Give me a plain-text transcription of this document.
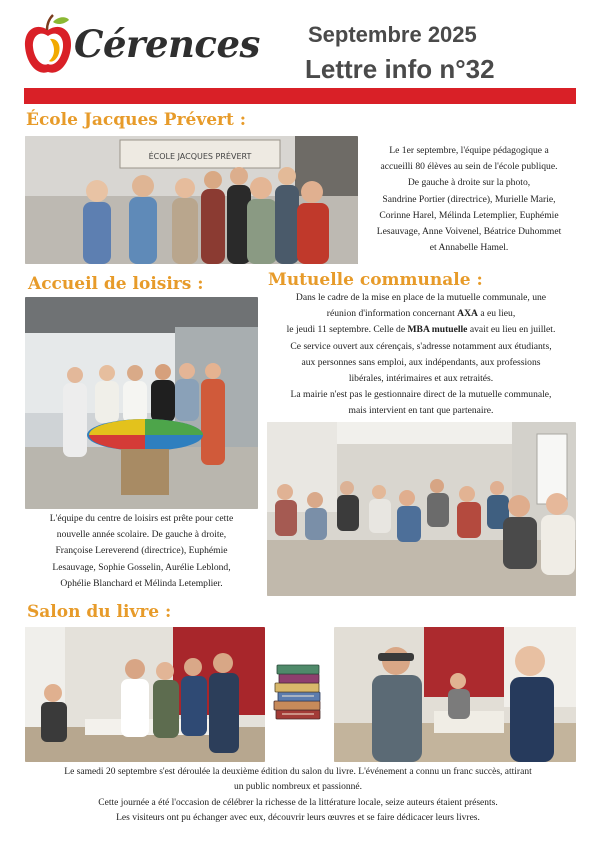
Cérences Septembre 2025
Lettre info n°32
École Jacques Prévert :
ÉCOLE JACQUES PRÉVERT

Le 1er septembre, l'équipe pédagogique a

accueilli 80 élèves au sein de l'école publique.

De gauche à droite sur la photo,

Sandrine Portier (directrice), Murielle Marie,

Corinne Harel, Mélinda Letemplier, Euphémie

Lesauvage, Anne Voivenel, Béatrice Duhommet

et Annabelle Hamel.

Accueil de loisirs :

L'équipe du centre de loisirs est prête pour cette

nouvelle année scolaire. De gauche à droite,

Françoise Lereverend (directrice), Euphémie

Lesauvage, Sophie Gosselin, Aurélie Leblond,

Ophélie Blanchard et Mélinda Letemplier.

Mutuelle communale :

Dans le cadre de la mise en place de la mutuelle communale, une

réunion d'information concernant AXA a eu lieu,

le jeudi 11 septembre. Celle de MBA mutuelle avait eu lieu en juillet.

Ce service ouvert aux cérençais, s'adresse notamment aux étudiants,

aux personnes sans emploi, aux indépendants, aux professions

libérales, intérimaires et aux retraités.

La mairie n'est pas le gestionnaire direct de la mutuelle communale,

mais intervient en tant que partenaire.

Salon du livre :

Le samedi 20 septembre s'est déroulée la deuxième édition du salon du livre. L'événement a connu un franc succès, attirant

un public nombreux et passionné.

Cette journée a été l'occasion de célébrer la richesse de la littérature locale, seize auteurs étaient présents.

Les visiteurs ont pu échanger avec eux, découvrir leurs œuvres et se faire dédicacer leurs livres.
